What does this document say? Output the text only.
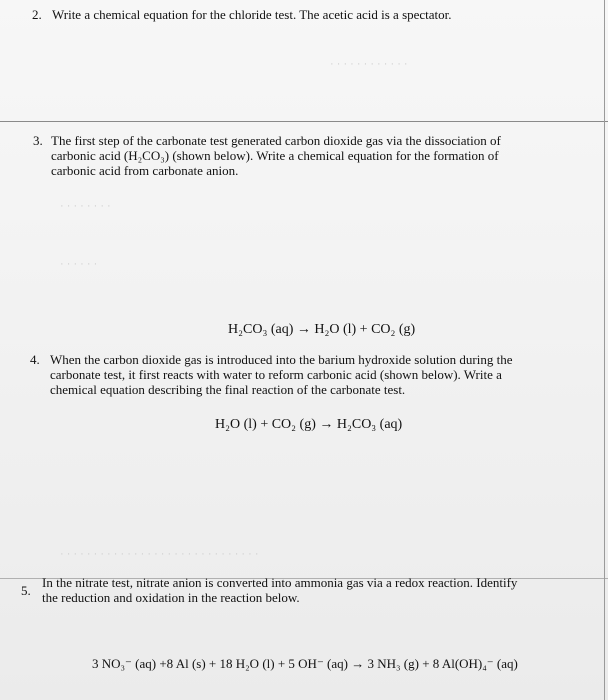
· · · · · · · · · · · ·
· · · · · · · ·
· · · · · ·
· · · · · · · · · · · · · · · · · · · · · · · · · · · · · ·
2. Write a chemical equation for the chloride test. The acetic acid is a spectator.
3. The first step of the carbonate test generated carbon dioxide gas via the dissociation of
carbonic acid (H₂CO₃) (shown below). Write a chemical equation for the formation of
carbonic acid from carbonate anion.
H₂CO₃ (aq) → H₂O (l) + CO₂ (g)
4. When the carbon dioxide gas is introduced into the barium hydroxide solution during the
carbonate test, it first reacts with water to reform carbonic acid (shown below). Write a
chemical equation describing the final reaction of the carbonate test.
H₂O (l) + CO₂ (g) → H₂CO₃ (aq)
5.
In the nitrate test, nitrate anion is converted into ammonia gas via a redox reaction. Identify
the reduction and oxidation in the reaction below.
3 NO₃⁻ (aq) +8 Al (s) + 18 H₂O (l) + 5 OH⁻ (aq) → 3 NH₃ (g) + 8 Al(OH)₄⁻ (aq)
